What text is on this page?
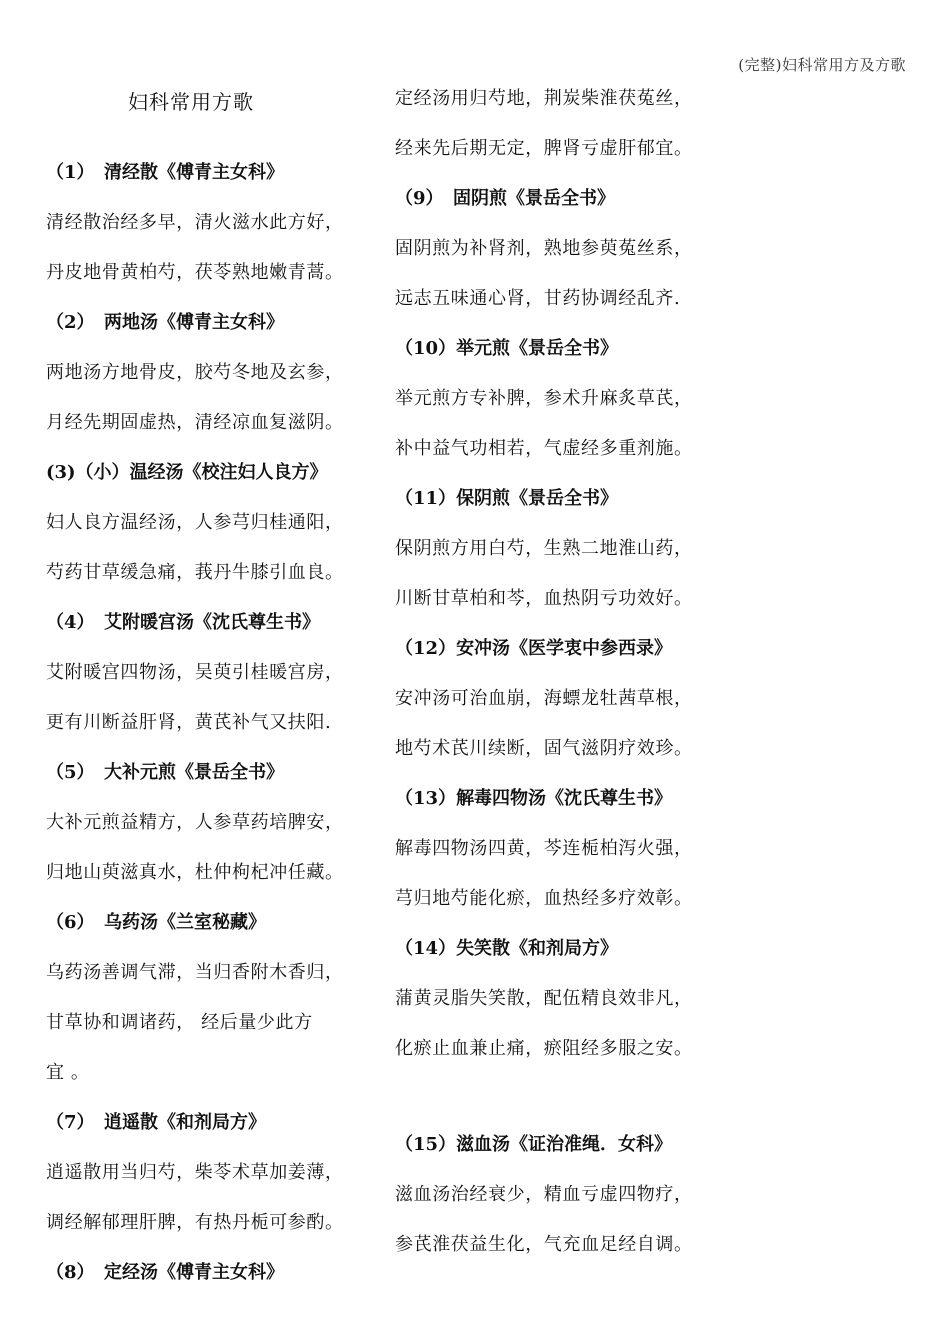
(完整)妇科常用方及方歌
妇科常用方歌
（1） 清经散《傅青主女科》
清经散治经多早，清火滋水此方好，
丹皮地骨黄柏芍，茯苓熟地嫩青蒿。
（2） 两地汤《傅青主女科》
两地汤方地骨皮，胶芍冬地及玄参，
月经先期固虚热，清经凉血复滋阴。
(3)（小）温经汤《校注妇人良方》
妇人良方温经汤，人参芎归桂通阳，
芍药甘草缓急痛，莪丹牛膝引血良。
（4） 艾附暖宫汤《沈氏尊生书》
艾附暖宫四物汤，吴萸引桂暖宫房，
更有川断益肝肾，黄芪补气又扶阳.
（5） 大补元煎《景岳全书》
大补元煎益精方，人参草药培脾安，
归地山萸滋真水，杜仲枸杞冲任藏。
（6） 乌药汤《兰室秘藏》
乌药汤善调气滞，当归香附木香归，
甘草协和调诸药， 经后量少此方
宜 。
（7） 逍遥散《和剂局方》
逍遥散用当归芍，柴苓术草加姜薄，
调经解郁理肝脾，有热丹栀可参酌。
（8） 定经汤《傅青主女科》
定经汤用归芍地，荆炭柴淮茯菟丝，
经来先后期无定，脾肾亏虚肝郁宜。
（9） 固阴煎《景岳全书》
固阴煎为补肾剂，熟地参萸菟丝系，
远志五味通心肾，甘药协调经乱齐.
（10）举元煎《景岳全书》
举元煎方专补脾，参术升麻炙草芪，
补中益气功相若，气虚经多重剂施。
（11）保阴煎《景岳全书》
保阴煎方用白芍，生熟二地淮山药，
川断甘草柏和芩，血热阴亏功效好。
（12）安冲汤《医学衷中参西录》
安冲汤可治血崩，海螵龙牡茜草根，
地芍术芪川续断，固气滋阴疗效珍。
（13）解毒四物汤《沈氏尊生书》
解毒四物汤四黄，芩连栀柏泻火强，
芎归地芍能化瘀，血热经多疗效彰。
（14）失笑散《和剂局方》
蒲黄灵脂失笑散，配伍精良效非凡，
化瘀止血兼止痛，瘀阻经多服之安。
（15）滋血汤《证治准绳．女科》
滋血汤治经衰少，精血亏虚四物疗，
参芪淮茯益生化，气充血足经自调。
